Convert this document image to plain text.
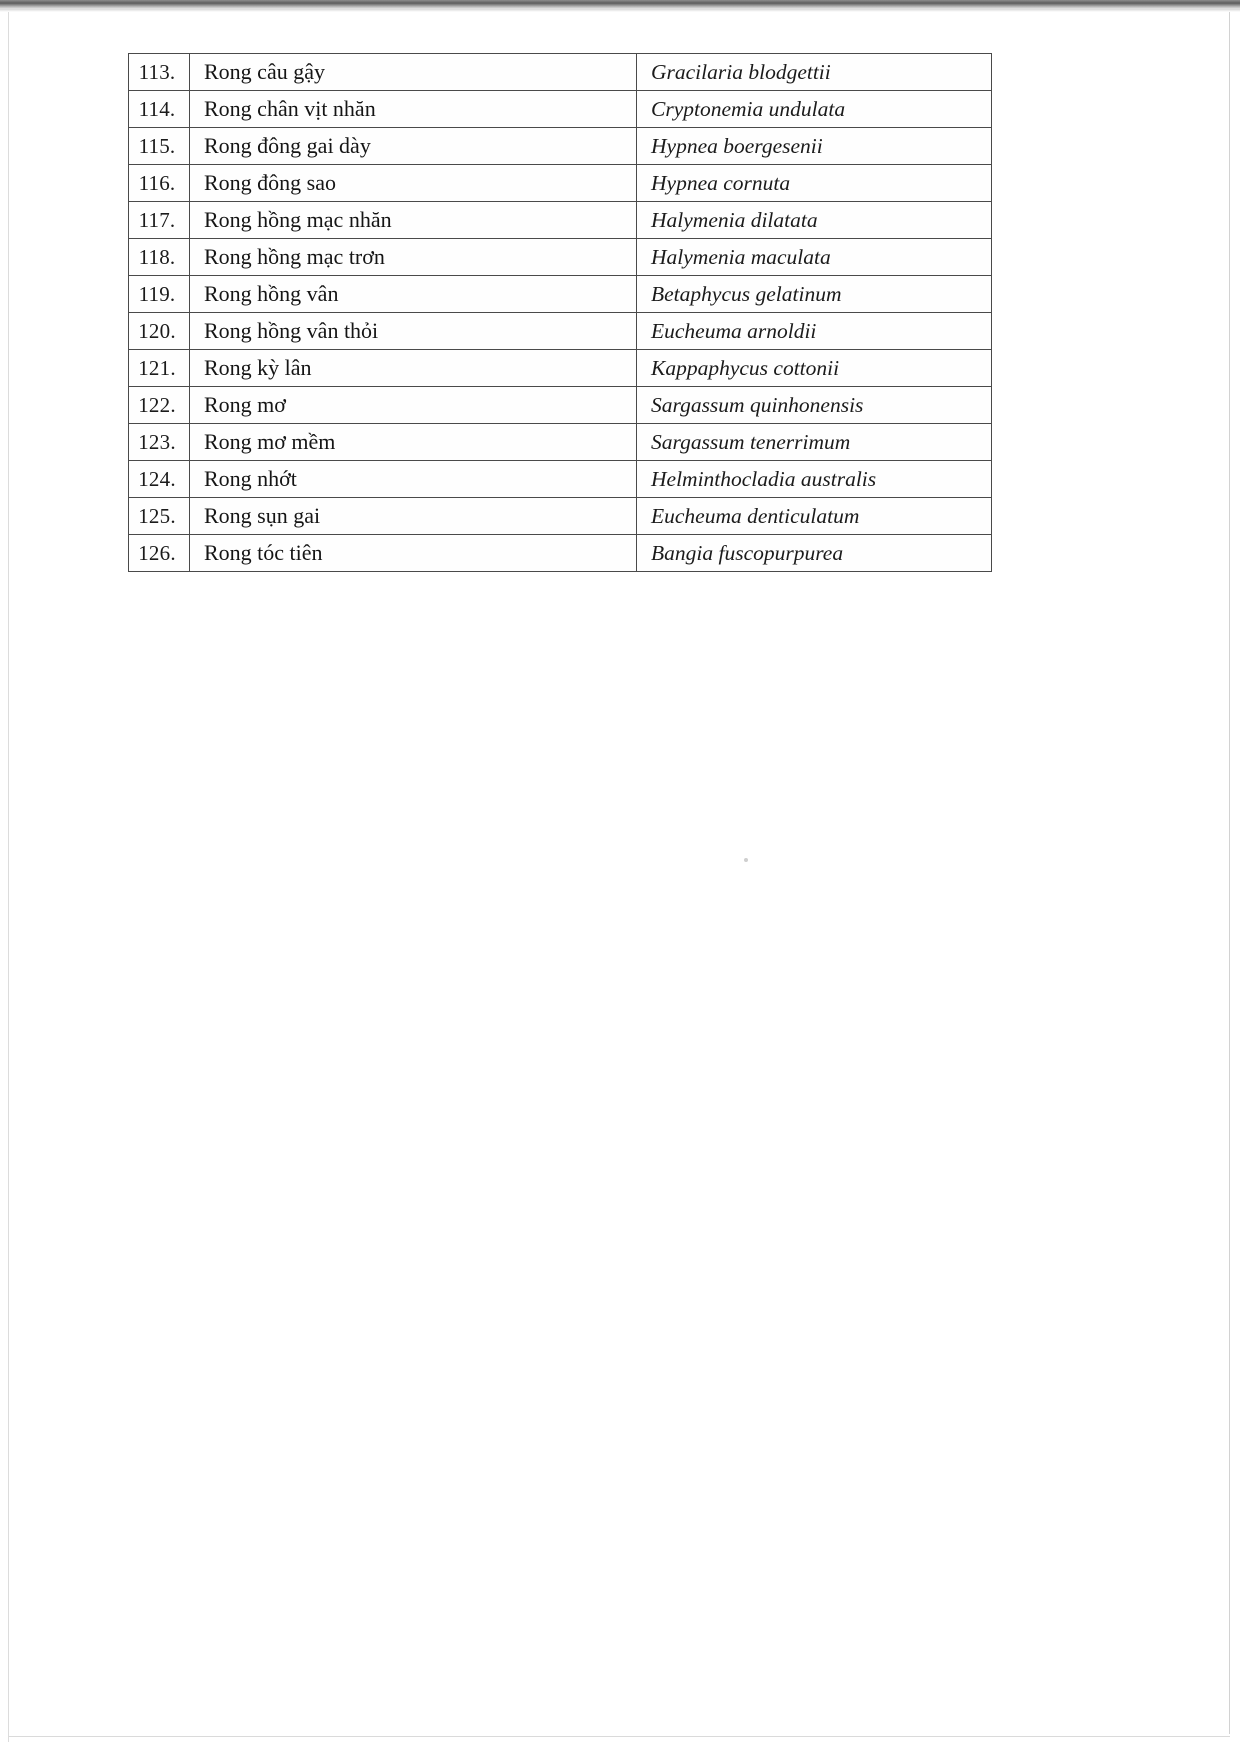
113.	Rong câu gậy	Gracilaria blodgettii

114.	Rong chân vịt nhăn	Cryptonemia undulata

115.	Rong đông gai dày	Hypnea boergesenii

116.	Rong đông sao	Hypnea cornuta

117.	Rong hồng mạc nhăn	Halymenia dilatata

118.	Rong hồng mạc trơn	Halymenia maculata

119.	Rong hồng vân	Betaphycus gelatinum

120.	Rong hồng vân thỏi	Eucheuma arnoldii

121.	Rong kỳ lân	Kappaphycus cottonii

122.	Rong mơ	Sargassum quinhonensis

123.	Rong mơ mềm	Sargassum tenerrimum

124.	Rong nhớt	Helminthocladia australis

125.	Rong sụn gai	Eucheuma denticulatum

126.	Rong tóc tiên	Bangia fuscopurpurea
